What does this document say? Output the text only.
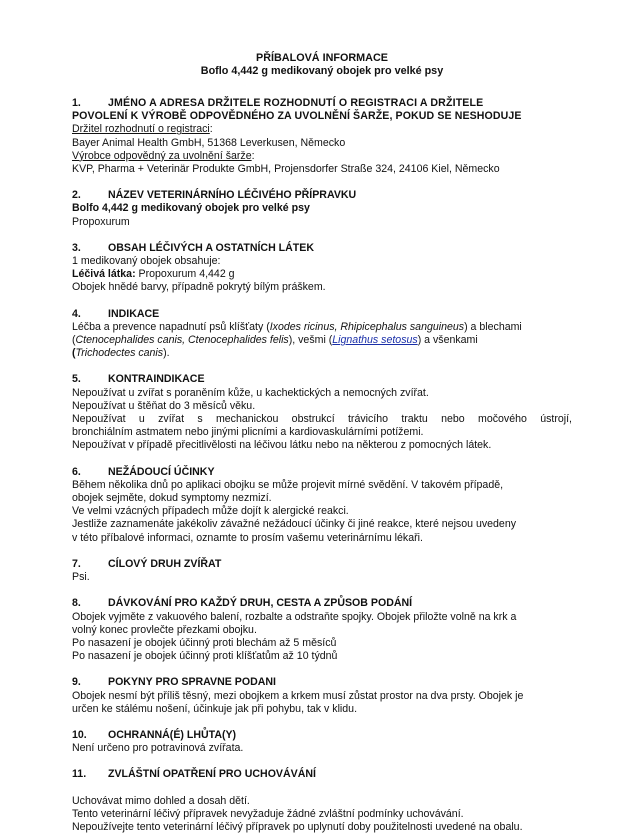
PŘÍBALOVÁ INFORMACE
Boflo 4,442 g medikovaný obojek pro velké psy
1.	JMÉNO A ADRESA DRŽITELE ROZHODNUTÍ O REGISTRACI A DRŽITELE
POVOLENÍ K VÝROBĚ ODPOVĚDNÉHO ZA UVOLNĚNÍ ŠARŽE, POKUD SE NESHODUJE
Držitel rozhodnutí o registraci:
Bayer Animal Health GmbH, 51368 Leverkusen, Německo
Výrobce odpovědný za uvolnění šarže:
KVP, Pharma + Veterinär Produkte GmbH, Projensdorfer Straße 324, 24106 Kiel, Německo
2.	NÁZEV VETERINÁRNÍHO LÉČIVÉHO PŘÍPRAVKU
Bolfo 4,442 g medikovaný obojek pro velké psy
Propoxurum
3.	OBSAH LÉČIVÝCH A OSTATNÍCH LÁTEK
1 medikovaný obojek obsahuje:
Léčivá látka: Propoxurum 4,442 g
Obojek hnědé barvy, případně pokrytý bílým práškem.
4.	INDIKACE
Léčba a prevence napadnutí psů klíšťaty (Ixodes ricinus, Rhipicephalus sanguineus) a blechami
(Ctenocephalides canis, Ctenocephalides felis), vešmi (Lignathus setosus) a všenkami
(Trichodectes canis).
5.	KONTRAINDIKACE
Nepoužívat u zvířat s poraněním kůže, u kachektických a nemocných zvířat.
Nepoužívat u štěňat do 3 měsíců věku.
Nepoužívat u zvířat s mechanickou obstrukcí trávicího traktu nebo močového ústrojí,
bronchiálním astmatem nebo jinými plicními a kardiovaskulárními potížemi.
Nepoužívat v případě přecitlivělosti na léčivou látku nebo na některou z pomocných látek.
6.	NEŽÁDOUCÍ ÚČINKY
Během několika dnů po aplikaci obojku se může projevit mírné svědění. V takovém případě,
obojek sejměte, dokud symptomy nezmizí.
Ve velmi vzácných případech může dojít k alergické reakci.
Jestliže zaznamenáte jakékoliv závažné nežádoucí účinky či jiné reakce, které nejsou uvedeny
v této příbalové informaci, oznamte to prosím vašemu veterinárnímu lékaři.
7.	CÍLOVÝ DRUH ZVÍŘAT
Psi.
8.	DÁVKOVÁNÍ PRO KAŽDÝ DRUH, CESTA A ZPŮSOB PODÁNÍ
Obojek vyjměte z vakuového balení, rozbalte a odstraňte spojky. Obojek přiložte volně na krk a
volný konec provlečte přezkami obojku.
Po nasazení je obojek účinný proti blechám až 5 měsíců
Po nasazení je obojek účinný proti klíšťatům až 10 týdnů
9.	POKYNY PRO SPRAVNE PODANI
Obojek nesmí být příliš těsný, mezi obojkem a krkem musí zůstat prostor na dva prsty. Obojek je
určen ke stálému nošení, účinkuje jak při pohybu, tak v klidu.
10.	OCHRANNÁ(É) LHŮTA(Y)
Není určeno pro potravinová zvířata.
11.	ZVLÁŠTNÍ OPATŘENÍ PRO UCHOVÁVÁNÍ
Uchovávat mimo dohled a dosah dětí.
Tento veterinární léčivý přípravek nevyžaduje žádné zvláštní podmínky uchovávání.
Nepoužívejte tento veterinární léčivý přípravek po uplynutí doby použitelnosti uvedené na obalu.
